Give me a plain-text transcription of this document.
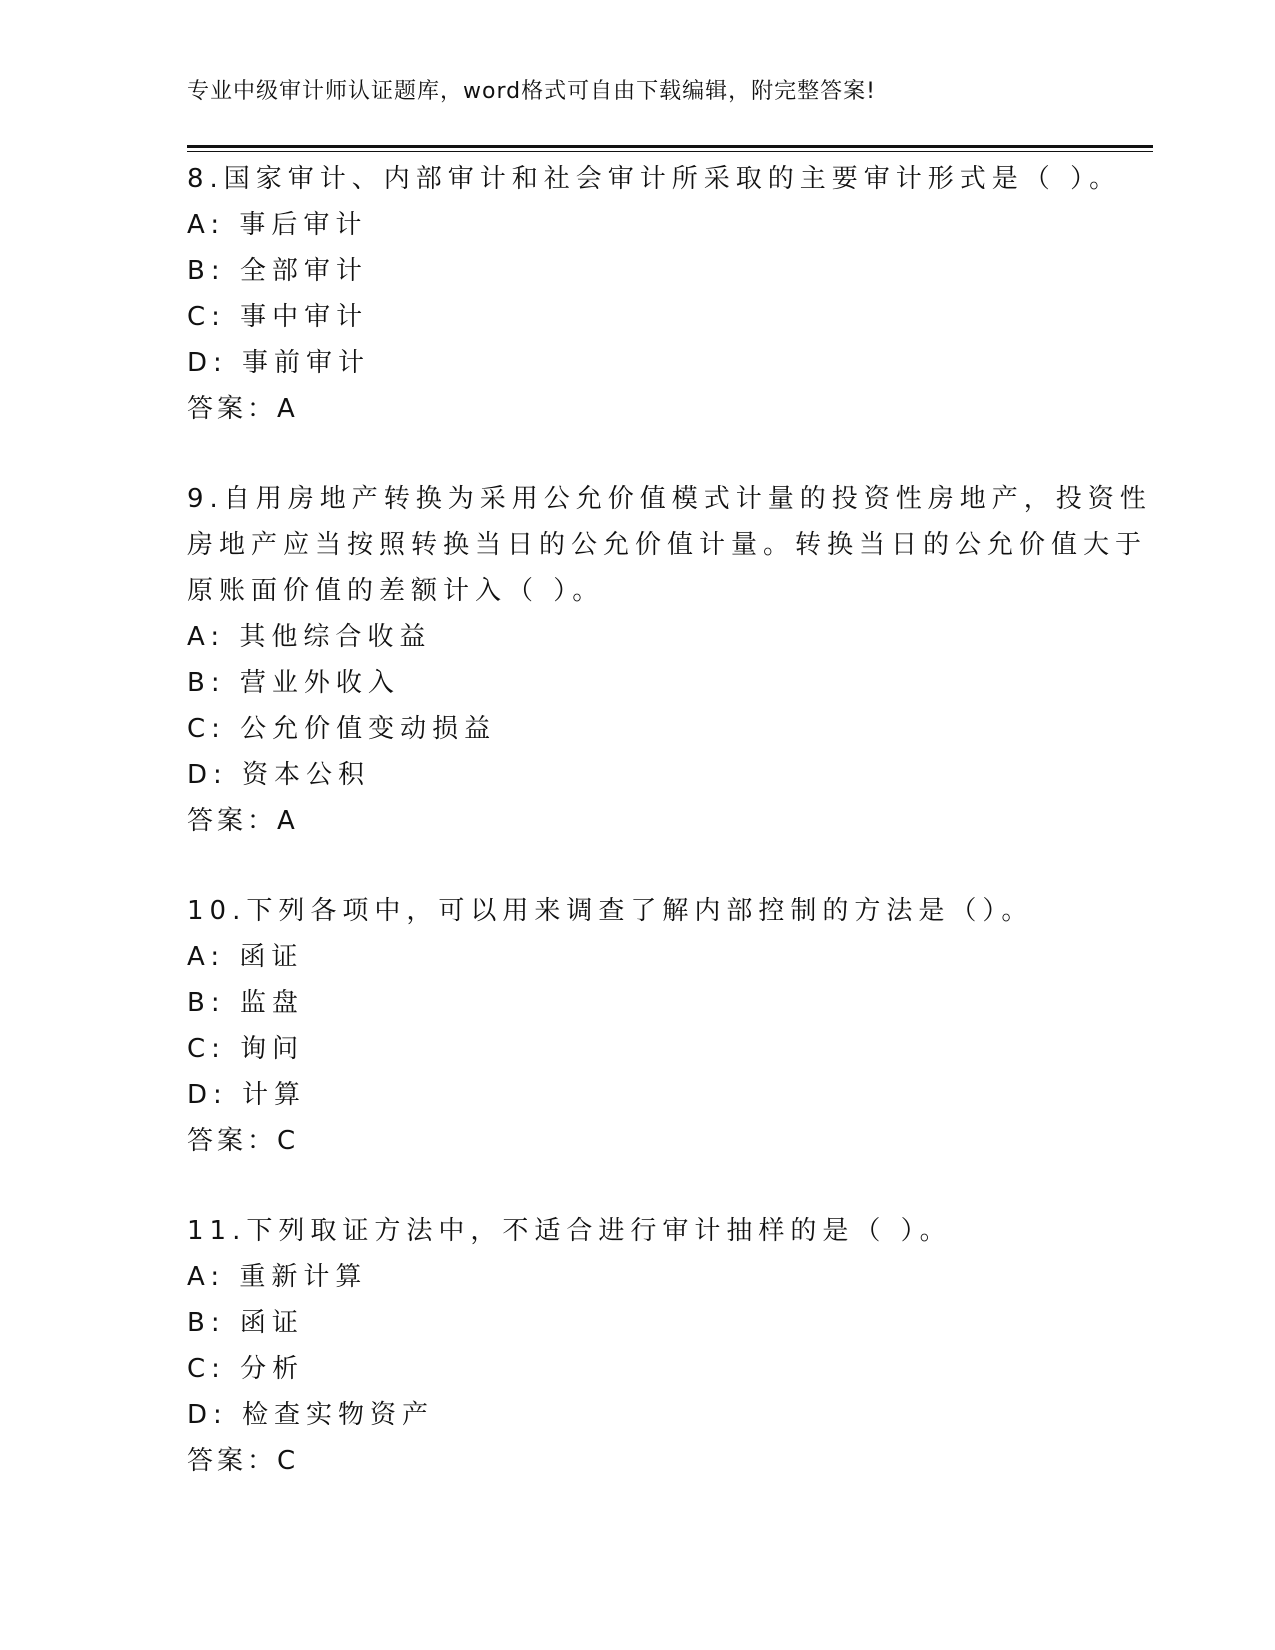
专业中级审计师认证题库，word格式可自由下载编辑，附完整答案!
8.国家审计、内部审计和社会审计所采取的主要审计形式是（ ）。
A: 事后审计
B: 全部审计
C: 事中审计
D: 事前审计
答案：A
9.自用房地产转换为采用公允价值模式计量的投资性房地产，投资性
房地产应当按照转换当日的公允价值计量。转换当日的公允价值大于
原账面价值的差额计入（ ）。
A: 其他综合收益
B: 营业外收入
C: 公允价值变动损益
D: 资本公积
答案：A
10.下列各项中，可以用来调查了解内部控制的方法是（）。
A: 函证
B: 监盘
C: 询问
D: 计算
答案：C
11.下列取证方法中，不适合进行审计抽样的是（ ）。
A: 重新计算
B: 函证
C: 分析
D: 检查实物资产
答案：C
